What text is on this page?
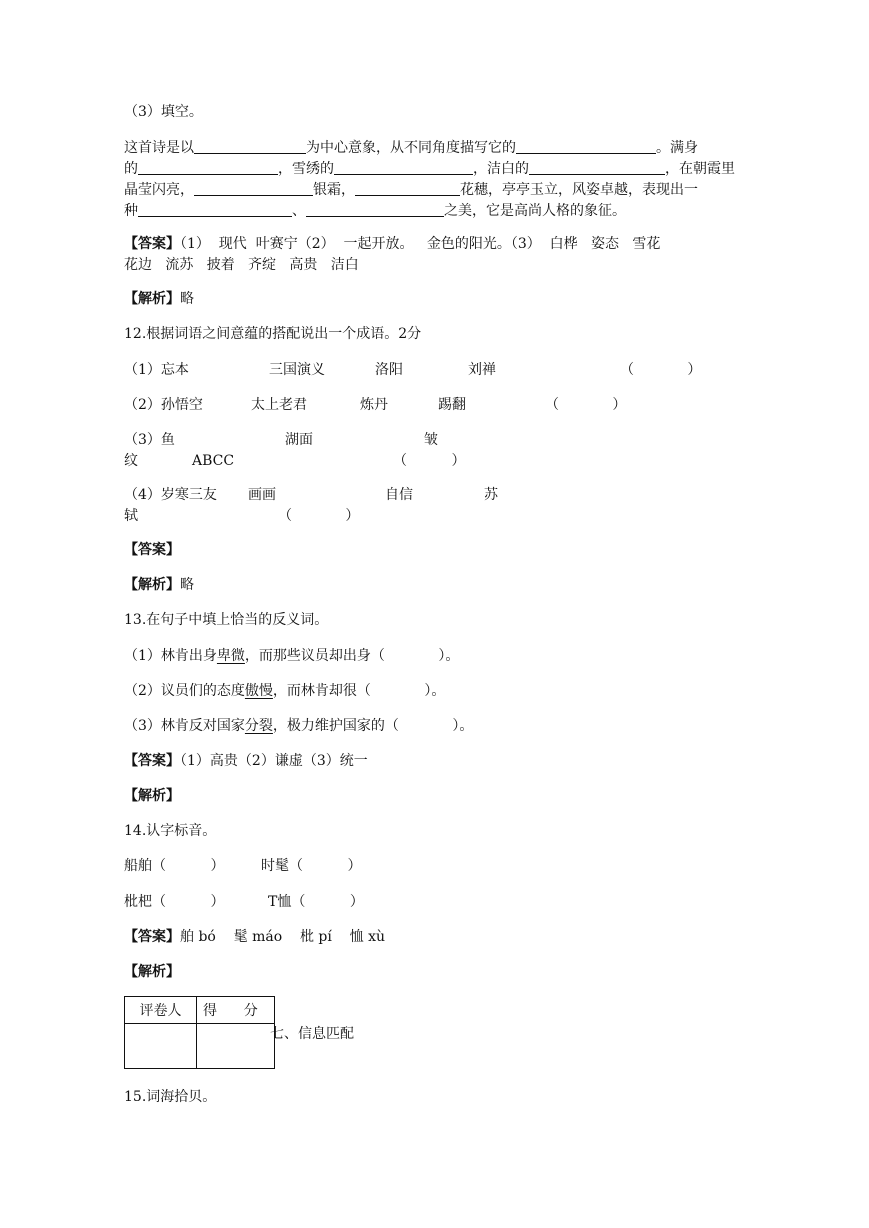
（3）填空。
这首诗是以	为中心意象，从不同角度描写它的	。满身
的	，雪绣的	，洁白的	，在朝霞里
晶莹闪亮，	银霜，	花穗，亭亭玉立，风姿卓越，表现出一
种	、	之美，它是高尚人格的象征。
【答案】（1）  现代  叶赛宁（2）  一起开放。   金色的阳光。（3）  白桦   姿态   雪花
花边   流苏   披着   齐绽   高贵   洁白
【解析】略
12.根据词语之间意蕴的搭配说出一个成语。2分
（1）忘本	三国演义	洛阳	刘禅	（            ）
（2）孙悟空	太上老君	炼丹	踢翻	（            ）
（3）鱼	湖面	皱
纹	ABCC	（          ）
（4）岁寒三友 画画	自信	苏
轼	（            ）
【答案】
【解析】略
13.在句子中填上恰当的反义词。
（1）林肯出身卑微，而那些议员却出身（            ）。
（2）议员们的态度傲慢，而林肯却很（            ）。
（3）林肯反对国家分裂，极力维护国家的（            ）。
【答案】（1）高贵（2）谦虚（3）统一
【解析】
14.认字标音。
船舶（          ）	时髦（          ）
枇杷（          ）	T恤（          ）
【答案】舶 bó    髦 máo    枇 pí    恤 xù
【解析】
评卷人	得      分

七、信息匹配
15.词海拾贝。
